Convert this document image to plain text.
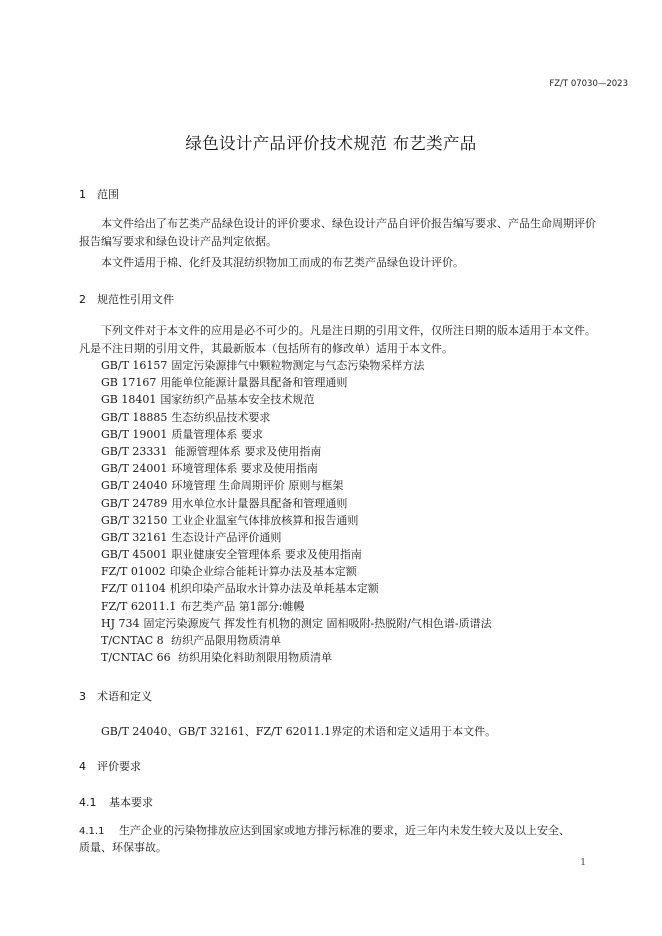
FZ/T 07030—2023
绿色设计产品评价技术规范 布艺类产品
1 范围
本文件给出了布艺类产品绿色设计的评价要求、绿色设计产品自评价报告编写要求、产品生命周期评价报告编写要求和绿色设计产品判定依据。
本文件适用于棉、化纤及其混纺织物加工而成的布艺类产品绿色设计评价。
2 规范性引用文件
下列文件对于本文件的应用是必不可少的。凡是注日期的引用文件，仅所注日期的版本适用于本文件。凡是不注日期的引用文件，其最新版本（包括所有的修改单）适用于本文件。
GB/T 16157 固定污染源排气中颗粒物测定与气态污染物采样方法
GB 17167 用能单位能源计量器具配备和管理通则
GB 18401 国家纺织产品基本安全技术规范
GB/T 18885 生态纺织品技术要求
GB/T 19001 质量管理体系 要求
GB/T 23331 能源管理体系 要求及使用指南
GB/T 24001 环境管理体系 要求及使用指南
GB/T 24040 环境管理 生命周期评价 原则与框架
GB/T 24789 用水单位水计量器具配备和管理通则
GB/T 32150 工业企业温室气体排放核算和报告通则
GB/T 32161 生态设计产品评价通则
GB/T 45001 职业健康安全管理体系 要求及使用指南
FZ/T 01002 印染企业综合能耗计算办法及基本定额
FZ/T 01104 机织印染产品取水计算办法及单耗基本定额
FZ/T 62011.1 布艺类产品 第1部分:帷幔
HJ 734 固定污染源废气 挥发性有机物的测定 固相吸附-热脱附/气相色谱-质谱法
T/CNTAC 8 纺织产品限用物质清单
T/CNTAC 66 纺织用染化料助剂限用物质清单
3 术语和定义
GB/T 24040、GB/T 32161、FZ/T 62011.1界定的术语和定义适用于本文件。
4 评价要求
4.1 基本要求
4.1.1 生产企业的污染物排放应达到国家或地方排污标准的要求，近三年内未发生较大及以上安全、
质量、环保事故。
1
